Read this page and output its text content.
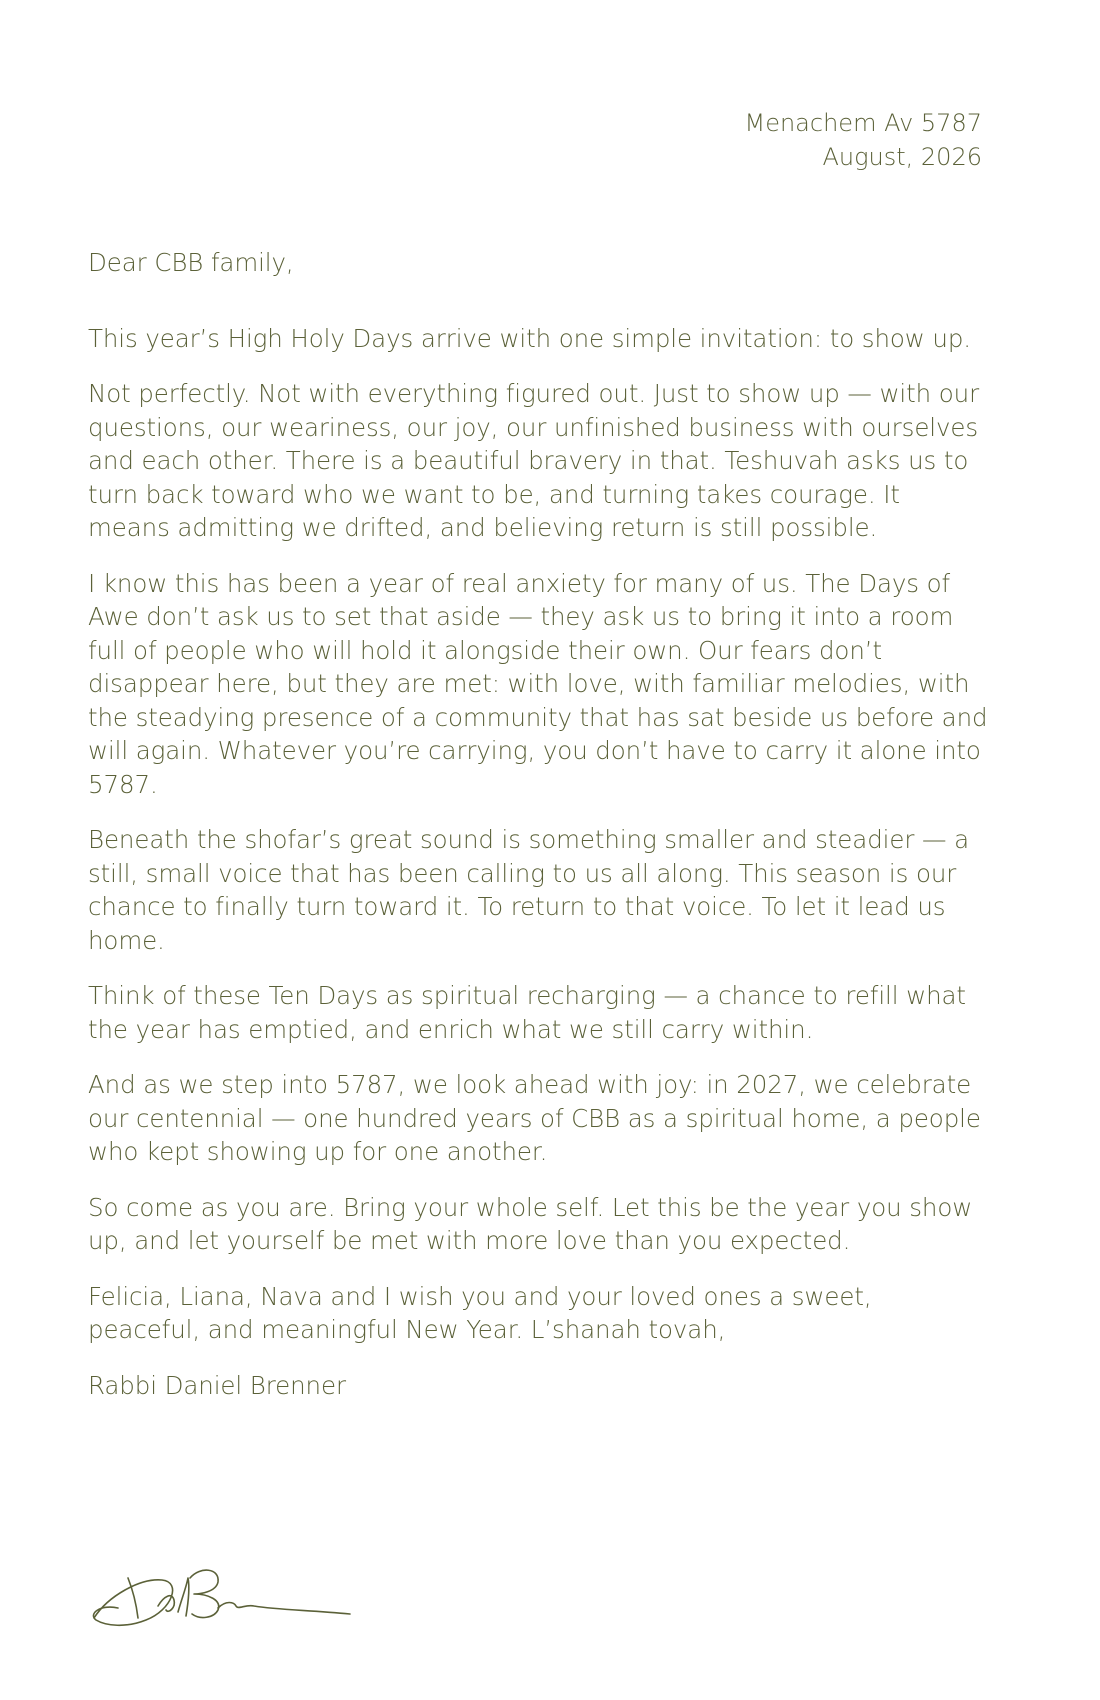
Menachem Av 5787
August, 2026

Dear CBB family,

This year’s High Holy Days arrive with one simple invitation: to show up.

Not perfectly. Not with everything figured out. Just to show up — with our questions, our weariness, our joy, our unfinished business with ourselves and each other. There is a beautiful bravery in that. Teshuvah asks us to turn back toward who we want to be, and turning takes courage. It means admitting we drifted, and believing return is still possible.

I know this has been a year of real anxiety for many of us. The Days of Awe don’t ask us to set that aside — they ask us to bring it into a room full of people who will hold it alongside their own. Our fears don’t disappear here, but they are met: with love, with familiar melodies, with the steadying presence of a community that has sat beside us before and will again. Whatever you’re carrying, you don’t have to carry it alone into 5787.

Beneath the shofar’s great sound is something smaller and steadier — a still, small voice that has been calling to us all along. This season is our chance to finally turn toward it. To return to that voice. To let it lead us home.

Think of these Ten Days as spiritual recharging — a chance to refill what the year has emptied, and enrich what we still carry within.

And as we step into 5787, we look ahead with joy: in 2027, we celebrate our centennial — one hundred years of CBB as a spiritual home, a people who kept showing up for one another.

So come as you are. Bring your whole self. Let this be the year you show up, and let yourself be met with more love than you expected.

Felicia, Liana, Nava and I wish you and your loved ones a sweet, peaceful, and meaningful New Year. L’shanah tovah,

Rabbi Daniel Brenner
